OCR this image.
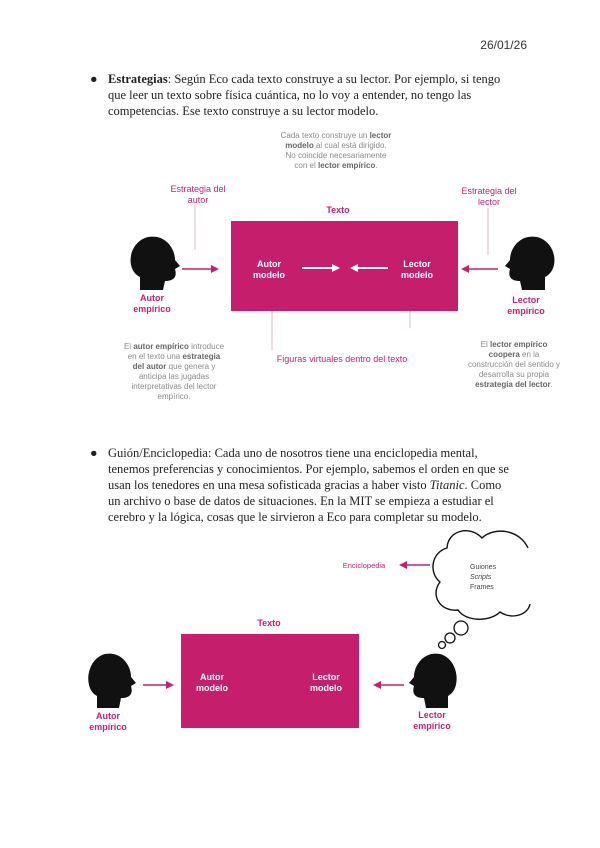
26/01/26
● Estrategias: Según Eco cada texto construye a su lector. Por ejemplo, si tengo que leer un texto sobre física cuántica, no lo voy a entender, no tengo las competencias. Ese texto construye a su lector modelo.
Cada texto construye un lector modelo al cual está dirigido. No coincide necesariamente con el lector empírico.
Estrategia del autor
Estrategia del lector
Texto
Autor modelo
Lector modelo
Autor empírico
Lector empírico
Figuras virtuales dentro del texto
El autor empírico introduce en el texto una estrategia del autor que genera y anticipa las jugadas interpretativas del lector empírico.
El lector empírico coopera en la construcción del sentido y desarrolla su propia estrategia del lector.
● Guión/Enciclopedia: Cada uno de nosotros tiene una enciclopedia mental, tenemos preferencias y conocimientos. Por ejemplo, sabemos el orden en que se usan los tenedores en una mesa sofisticada gracias a haber visto Titanic. Como un archivo o base de datos de situaciones. En la MIT se empieza a estudiar el cerebro y la lógica, cosas que le sirvieron a Eco para completar su modelo.
Enciclopedia	Guiones
Scripts
Frames
Texto
Autor modelo
Lector modelo
Autor empírico
Lector empírico
